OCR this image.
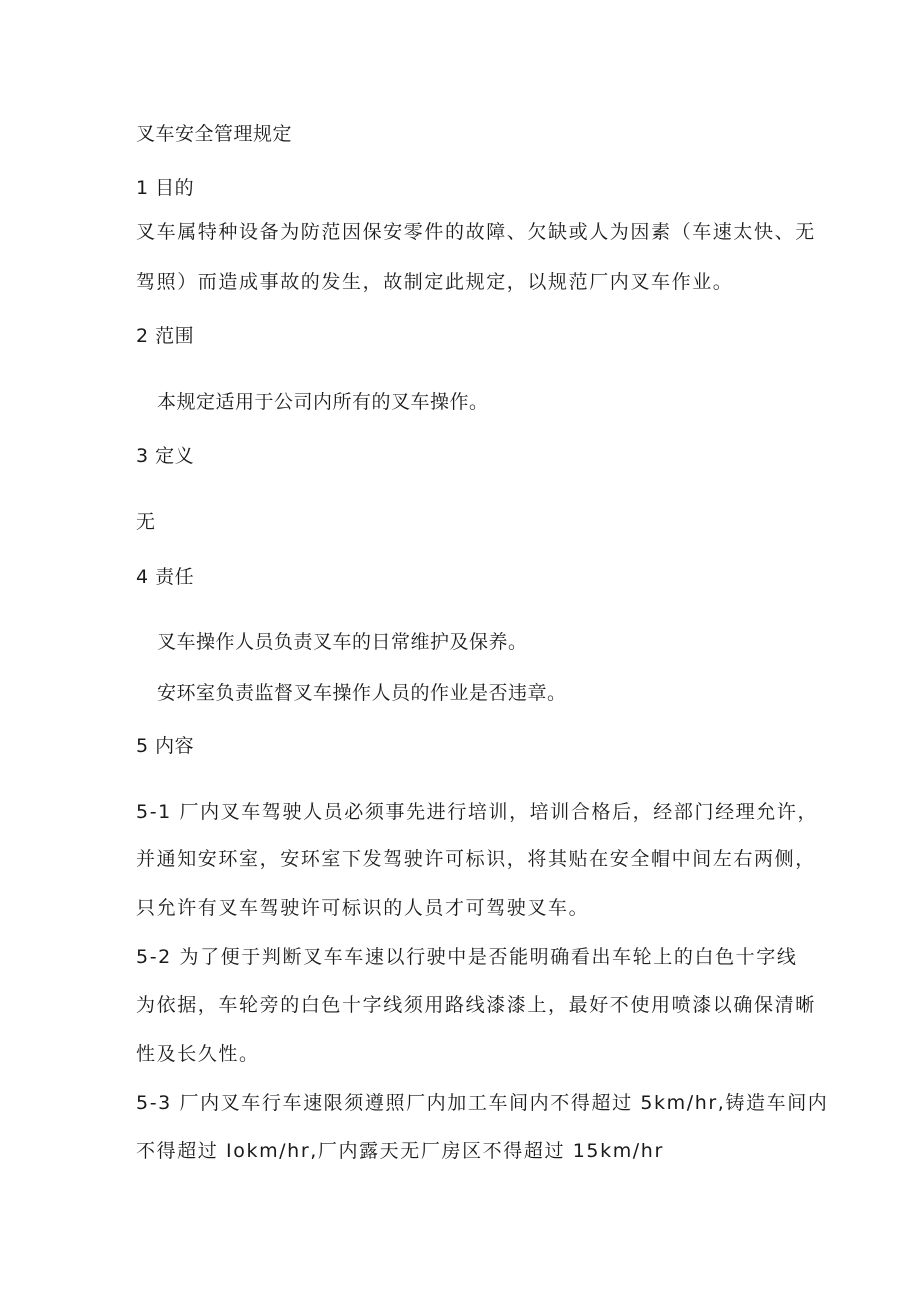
叉车安全管理规定
1 目的
叉车属特种设备为防范因保安零件的故障、欠缺或人为因素（车速太快、无
驾照）而造成事故的发生，故制定此规定，以规范厂内叉车作业。
2 范围
本规定适用于公司内所有的叉车操作。
3 定义
无
4 责任
叉车操作人员负责叉车的日常维护及保养。
安环室负责监督叉车操作人员的作业是否违章。
5 内容
5-1 厂内叉车驾驶人员必须事先进行培训，培训合格后，经部门经理允许，
并通知安环室，安环室下发驾驶许可标识，将其贴在安全帽中间左右两侧，
只允许有叉车驾驶许可标识的人员才可驾驶叉车。
5-2 为了便于判断叉车车速以行驶中是否能明确看出车轮上的白色十字线
为依据，车轮旁的白色十字线须用路线漆漆上，最好不使用喷漆以确保清晰
性及长久性。
5-3 厂内叉车行车速限须遵照厂内加工车间内不得超过 5km∕hr,铸造车间内
不得超过 Iokm/hr,厂内露天无厂房区不得超过 15km∕hr
